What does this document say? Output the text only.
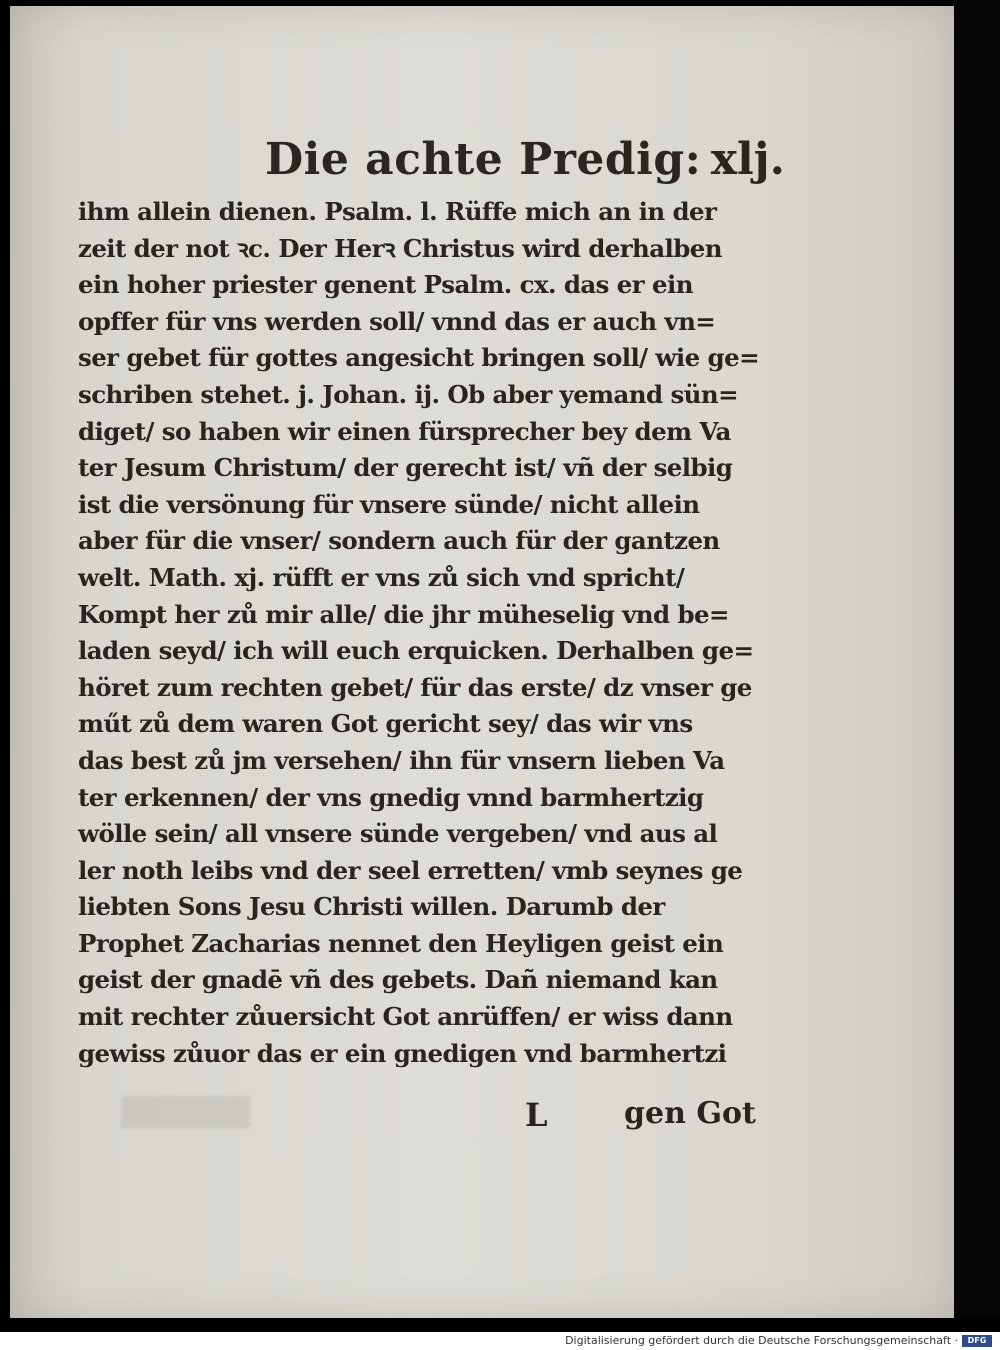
Die achte Predig: xlj.
ihm allein dienen. Psalm. l. Rüffe mich an in der
zeit der not ꝛc. Der Herꝛ Christus wird derhalben
ein hoher priester genent Psalm. cx. das er ein
opffer für vns werden soll/ vnnd das er auch vn=
ser gebet für gottes angesicht bringen soll/ wie ge=
schriben stehet. j. Johan. ij. Ob aber yemand sün=
diget/ so haben wir einen fürsprecher bey dem Va
ter Jesum Christum/ der gerecht ist/ vñ der selbig
ist die versönung für vnsere sünde/ nicht allein
aber für die vnser/ sondern auch für der gantzen
welt. Math. xj. rüfft er vns zů sich vnd spricht/
Kompt her zů mir alle/ die jhr müheselig vnd be=
laden seyd/ ich will euch erquicken. Derhalben ge=
höret zum rechten gebet/ für das erste/ dz vnser ge
műt zů dem waren Got gericht sey/ das wir vns
das best zů jm versehen/ ihn für vnsern lieben Va
ter erkennen/ der vns gnedig vnnd barmhertzig
wölle sein/ all vnsere sünde vergeben/ vnd aus al
ler noth leibs vnd der seel erretten/ vmb seynes ge
liebten Sons Jesu Christi willen. Darumb der
Prophet Zacharias nennet den Heyligen geist ein
geist der gnadē vñ des gebets. Dañ niemand kan
mit rechter zůuersicht Got anrüffen/ er wiss dann
gewiss zůuor das er ein gnedigen vnd barmhertzi
▒▒▒▒▒▒	L	gen Got
Digitalisierung gefördert durch die Deutsche Forschungsgemeinschaft ·	DFG
